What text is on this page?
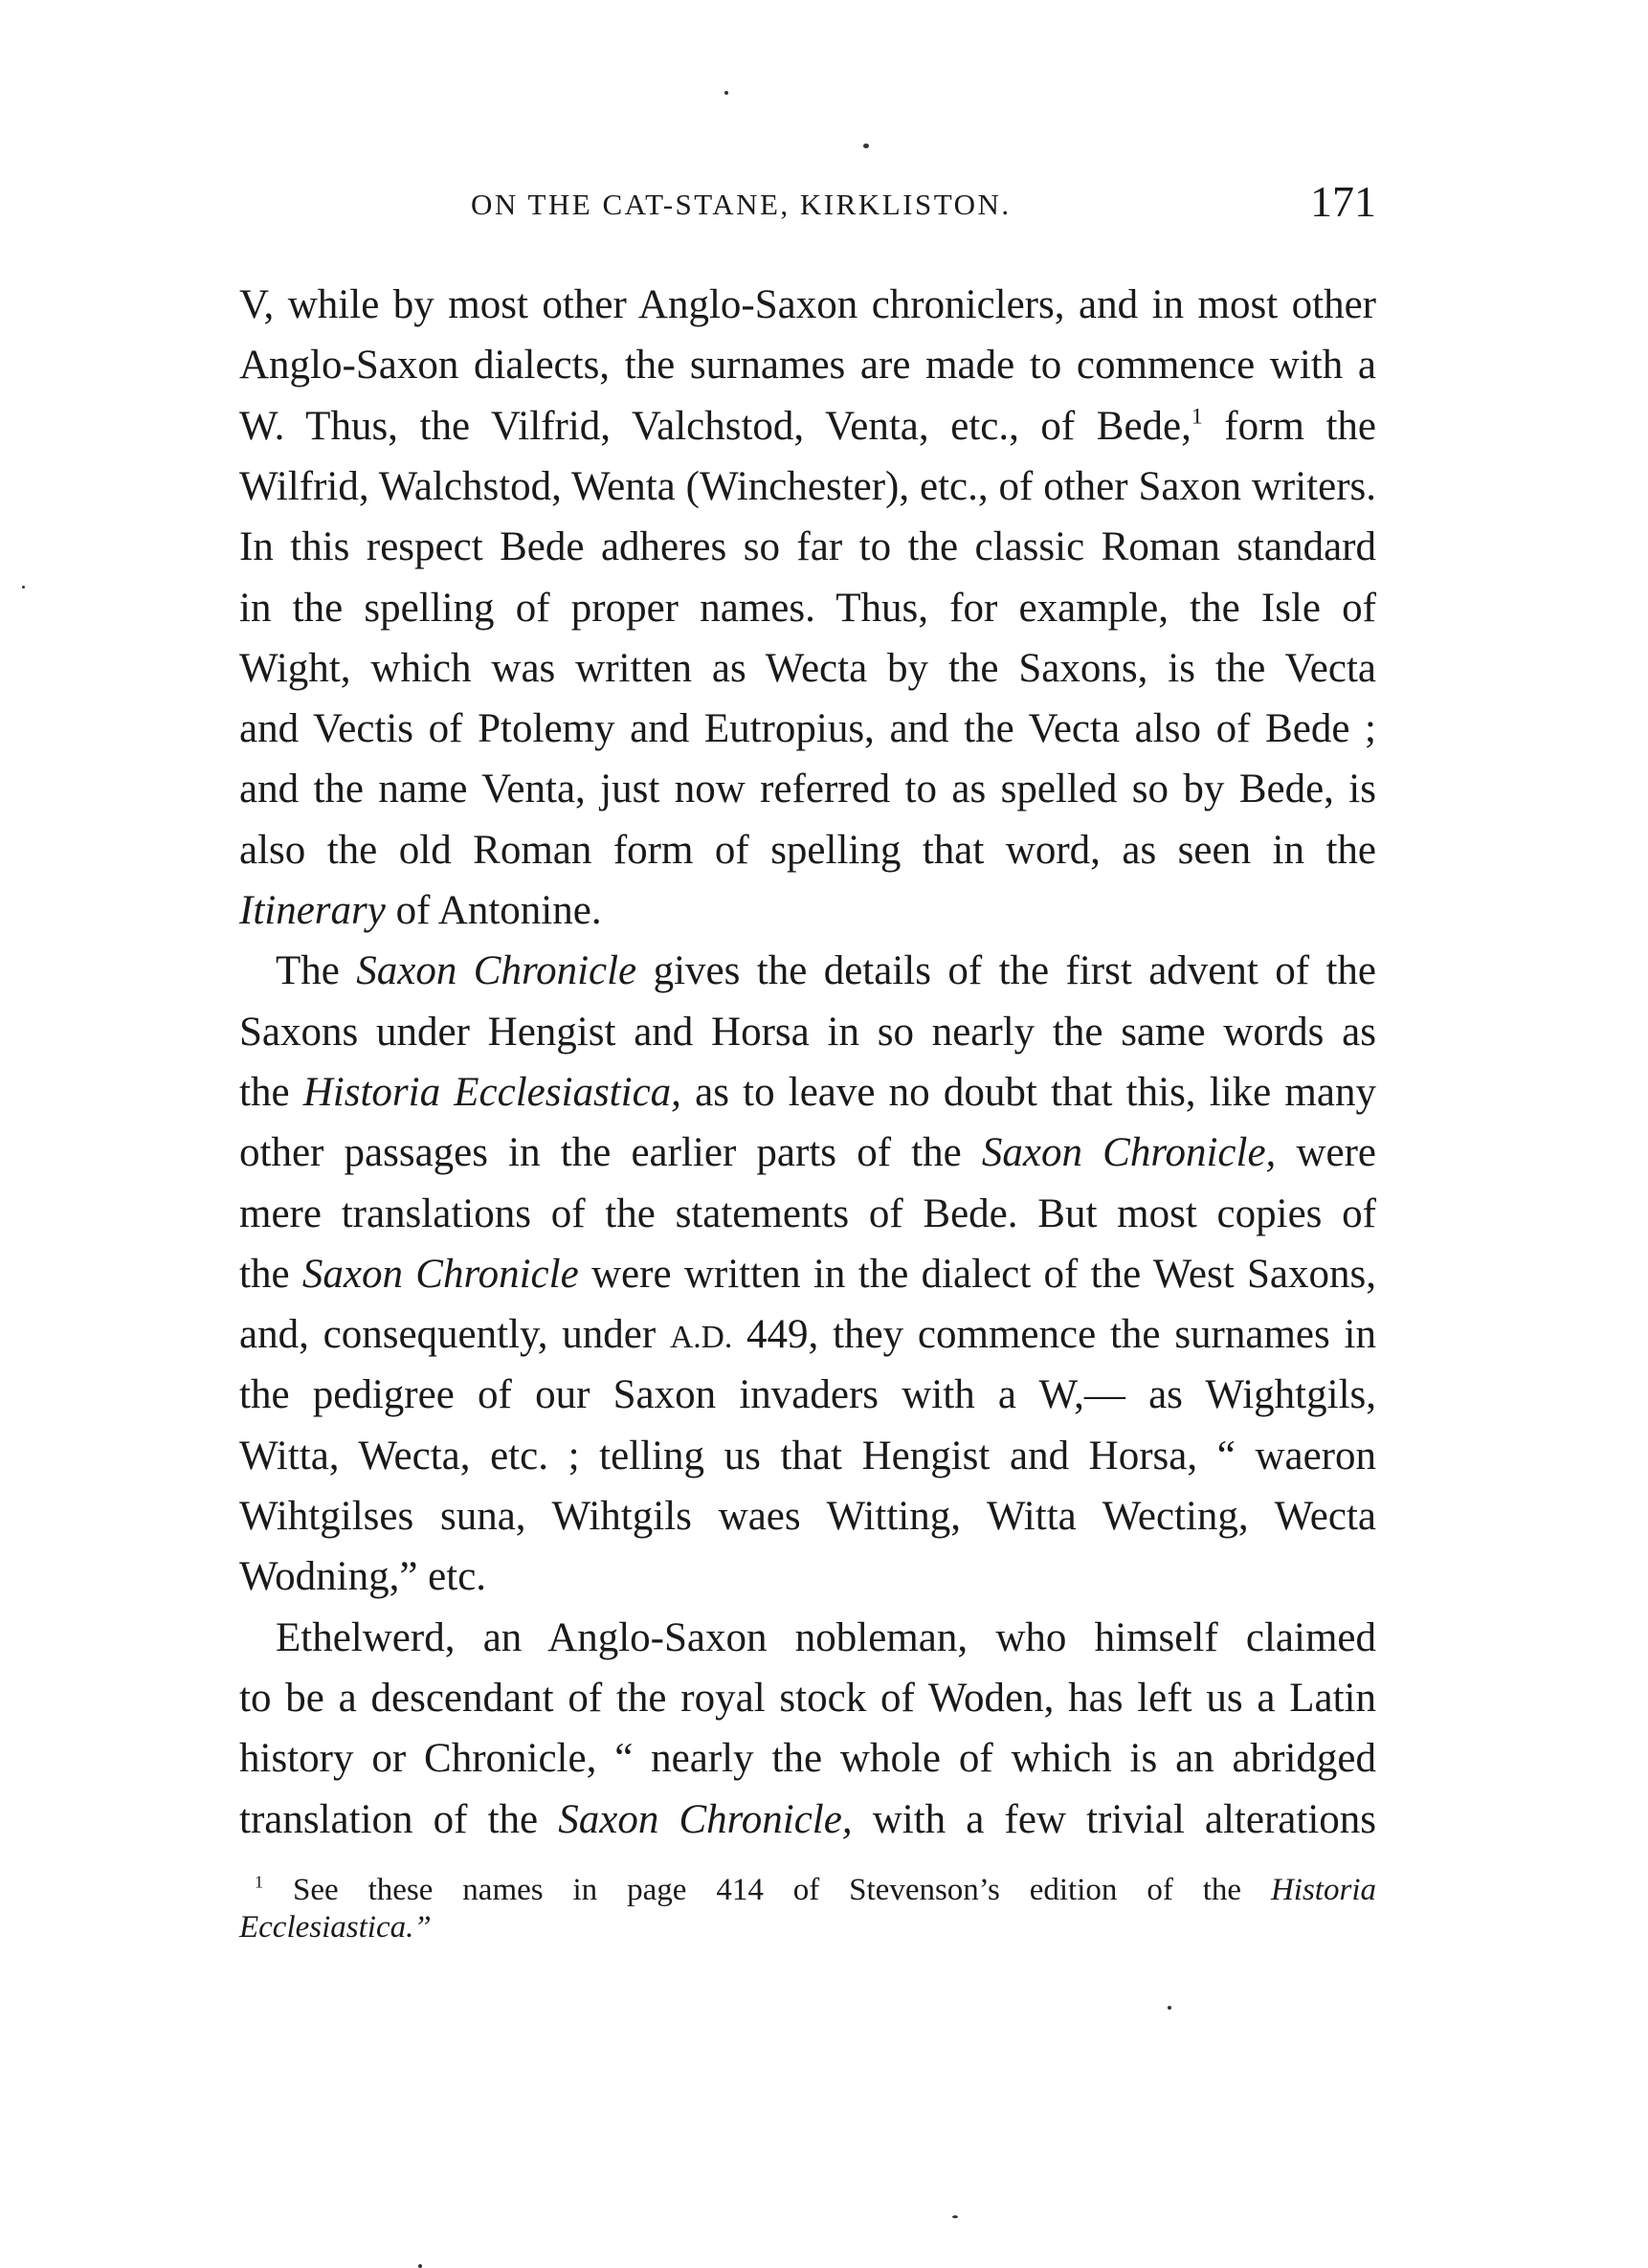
ON THE CAT-STANE, KIRKLISTON.	171
V, while by most other Anglo-Saxon chroniclers, and in most other
Anglo-Saxon dialects, the surnames are made to commence with a
W. Thus, the Vilfrid, Valchstod, Venta, etc., of Bede,$^1$ form the
Wilfrid, Walchstod, Wenta (Winchester), etc., of other Saxon writers.
In this respect Bede adheres so far to the classic Roman standard
in the spelling of proper names. Thus, for example, the Isle of
Wight, which was written as Wecta by the Saxons, is the Vecta
and Vectis of Ptolemy and Eutropius, and the Vecta also of Bede ;
and the name Venta, just now referred to as spelled so by Bede, is
also the old Roman form of spelling that word, as seen in the
Itinerary of Antonine.
The Saxon Chronicle gives the details of the first advent of the
Saxons under Hengist and Horsa in so nearly the same words as
the Historia Ecclesiastica, as to leave no doubt that this, like many
other passages in the earlier parts of the Saxon Chronicle, were
mere translations of the statements of Bede. But most copies of
the Saxon Chronicle were written in the dialect of the West Saxons,
and, consequently, under A.D. 449, they commence the surnames in
the pedigree of our Saxon invaders with a W,— as Wightgils,
Witta, Wecta, etc. ; telling us that Hengist and Horsa, “ waeron
Wihtgilses suna, Wihtgils waes Witting, Witta Wecting, Wecta
Wodning,” etc.
Ethelwerd, an Anglo-Saxon nobleman, who himself claimed
to be a descendant of the royal stock of Woden, has left us a Latin
history or Chronicle, “ nearly the whole of which is an abridged
translation of the Saxon Chronicle, with a few trivial alterations
$^1$ See these names in page 414 of Stevenson’s edition of the Historia
Ecclesiastica.”
